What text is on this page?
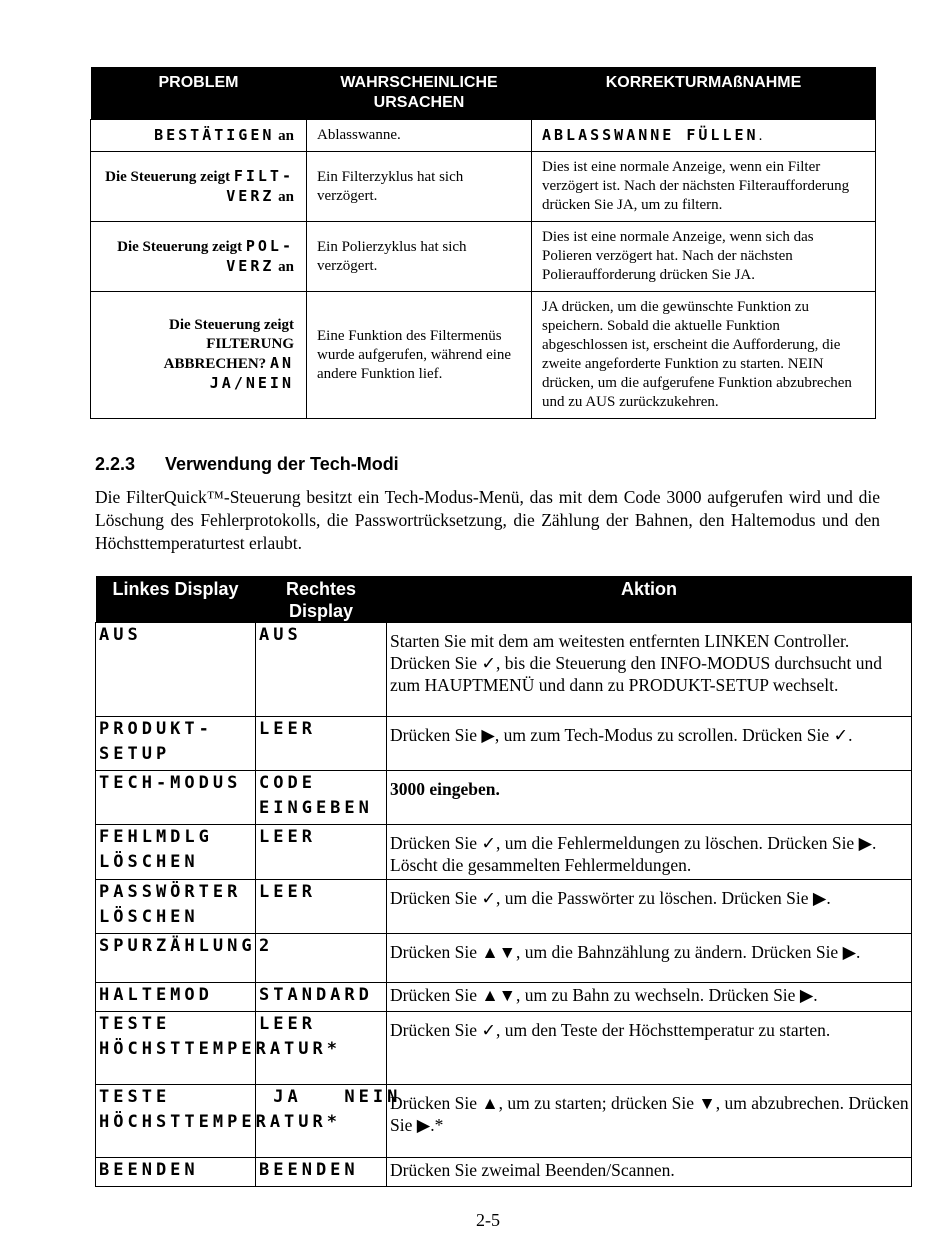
PROBLEM	WAHRSCHEINLICHE URSACHEN	KORREKTURMAßNAHME
BESTÄTIGEN an	Ablasswanne.	ABLASSWANNE FÜLLEN.
Die Steuerung zeigt FILT-VERZ an	Ein Filterzyklus hat sich verzögert.	Dies ist eine normale Anzeige, wenn ein Filter verzögert ist. Nach der nächsten Filteraufforderung drücken Sie JA, um zu filtern.
Die Steuerung zeigt POL-VERZ an	Ein Polierzyklus hat sich verzögert.	Dies ist eine normale Anzeige, wenn sich das Polieren verzögert hat. Nach der nächsten Polieraufforderung drücken Sie JA.
Die Steuerung zeigt FILTERUNG ABBRECHEN? AN JA/NEIN	Eine Funktion des Filtermenüs wurde aufgerufen, während eine andere Funktion lief.	JA drücken, um die gewünschte Funktion zu speichern. Sobald die aktuelle Funktion abgeschlossen ist, erscheint die Aufforderung, die zweite angeforderte Funktion zu starten. NEIN drücken, um die aufgerufene Funktion abzubrechen und zu AUS zurückzukehren.
2.2.3 Verwendung der Tech-Modi

Die FilterQuick™-Steuerung besitzt ein Tech-Modus-Menü, das mit dem Code 3000 aufgerufen wird und die Löschung des Fehlerprotokolls, die Passwortrücksetzung, die Zählung der Bahnen, den Haltemodus und den Höchsttemperaturtest erlaubt.

Linkes Display	Rechtes Display	Aktion
AUS	AUS	Starten Sie mit dem am weitesten entfernten LINKEN Controller. Drücken Sie ✓, bis die Steuerung den INFO-MODUS durchsucht und zum HAUPTMENÜ und dann zu PRODUKT-SETUP wechselt.
PRODUKT-SETUP	LEER	Drücken Sie ▶, um zum Tech-Modus zu scrollen. Drücken Sie ✓.
TECH-MODUS	CODE EINGEBEN	3000 eingeben.
FEHLMDLG LÖSCHEN	LEER	Drücken Sie ✓, um die Fehlermeldungen zu löschen. Drücken Sie ▶. Löscht die gesammelten Fehlermeldungen.
PASSWÖRTER LÖSCHEN	LEER	Drücken Sie ✓, um die Passwörter zu löschen. Drücken Sie ▶.
SPURZÄHLUNG	2	Drücken Sie ▲▼, um die Bahnzählung zu ändern. Drücken Sie ▶.
HALTEMOD	STANDARD	Drücken Sie ▲▼, um zu Bahn zu wechseln. Drücken Sie ▶.
TESTE HÖCHSTTEMPERATUR*	LEER	Drücken Sie ✓, um den Teste der Höchsttemperatur zu starten.
TESTE HÖCHSTTEMPERATUR*	JA   NEIN	Drücken Sie ▲, um zu starten; drücken Sie ▼, um abzubrechen. Drücken Sie ▶.*
BEENDEN	BEENDEN	Drücken Sie zweimal Beenden/Scannen.
2-5
